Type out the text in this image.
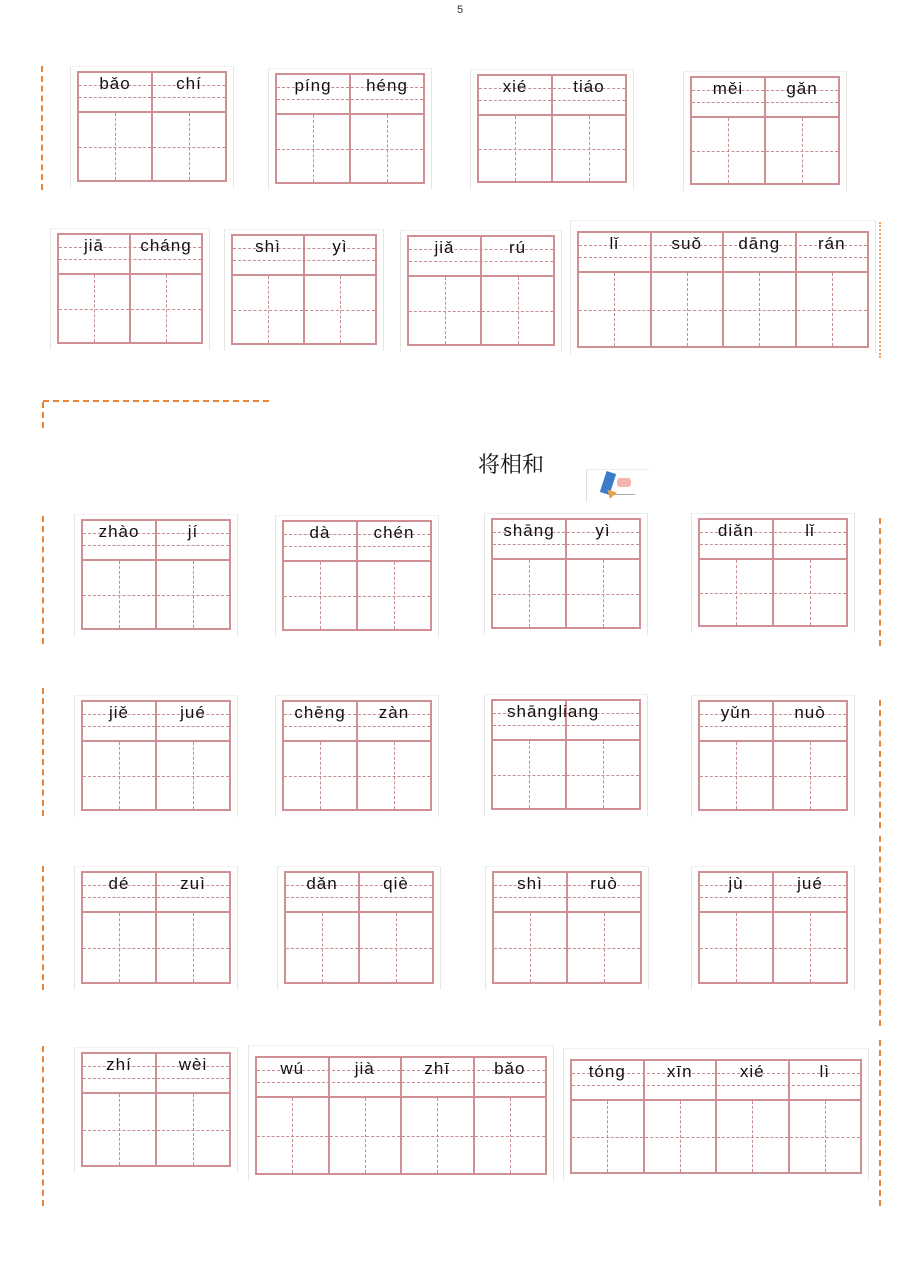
5
将相和
bǎo	chí	píng héng	xié	tiáo	měi	gǎn
jiā cháng	shì	yì	jiǎ	rú	lǐ	suǒ dāng rán
zhào	jí	dà	chén	shāng yì	diǎn	lǐ
jiě	jué	chēng zàn	shāngliang	yǔn	nuò
dé	zuì	dǎn	qiè	shì	ruò	jù	jué
zhí	wèi	wú	jià	zhī	bǎo	tóng xīn	xié	lì
